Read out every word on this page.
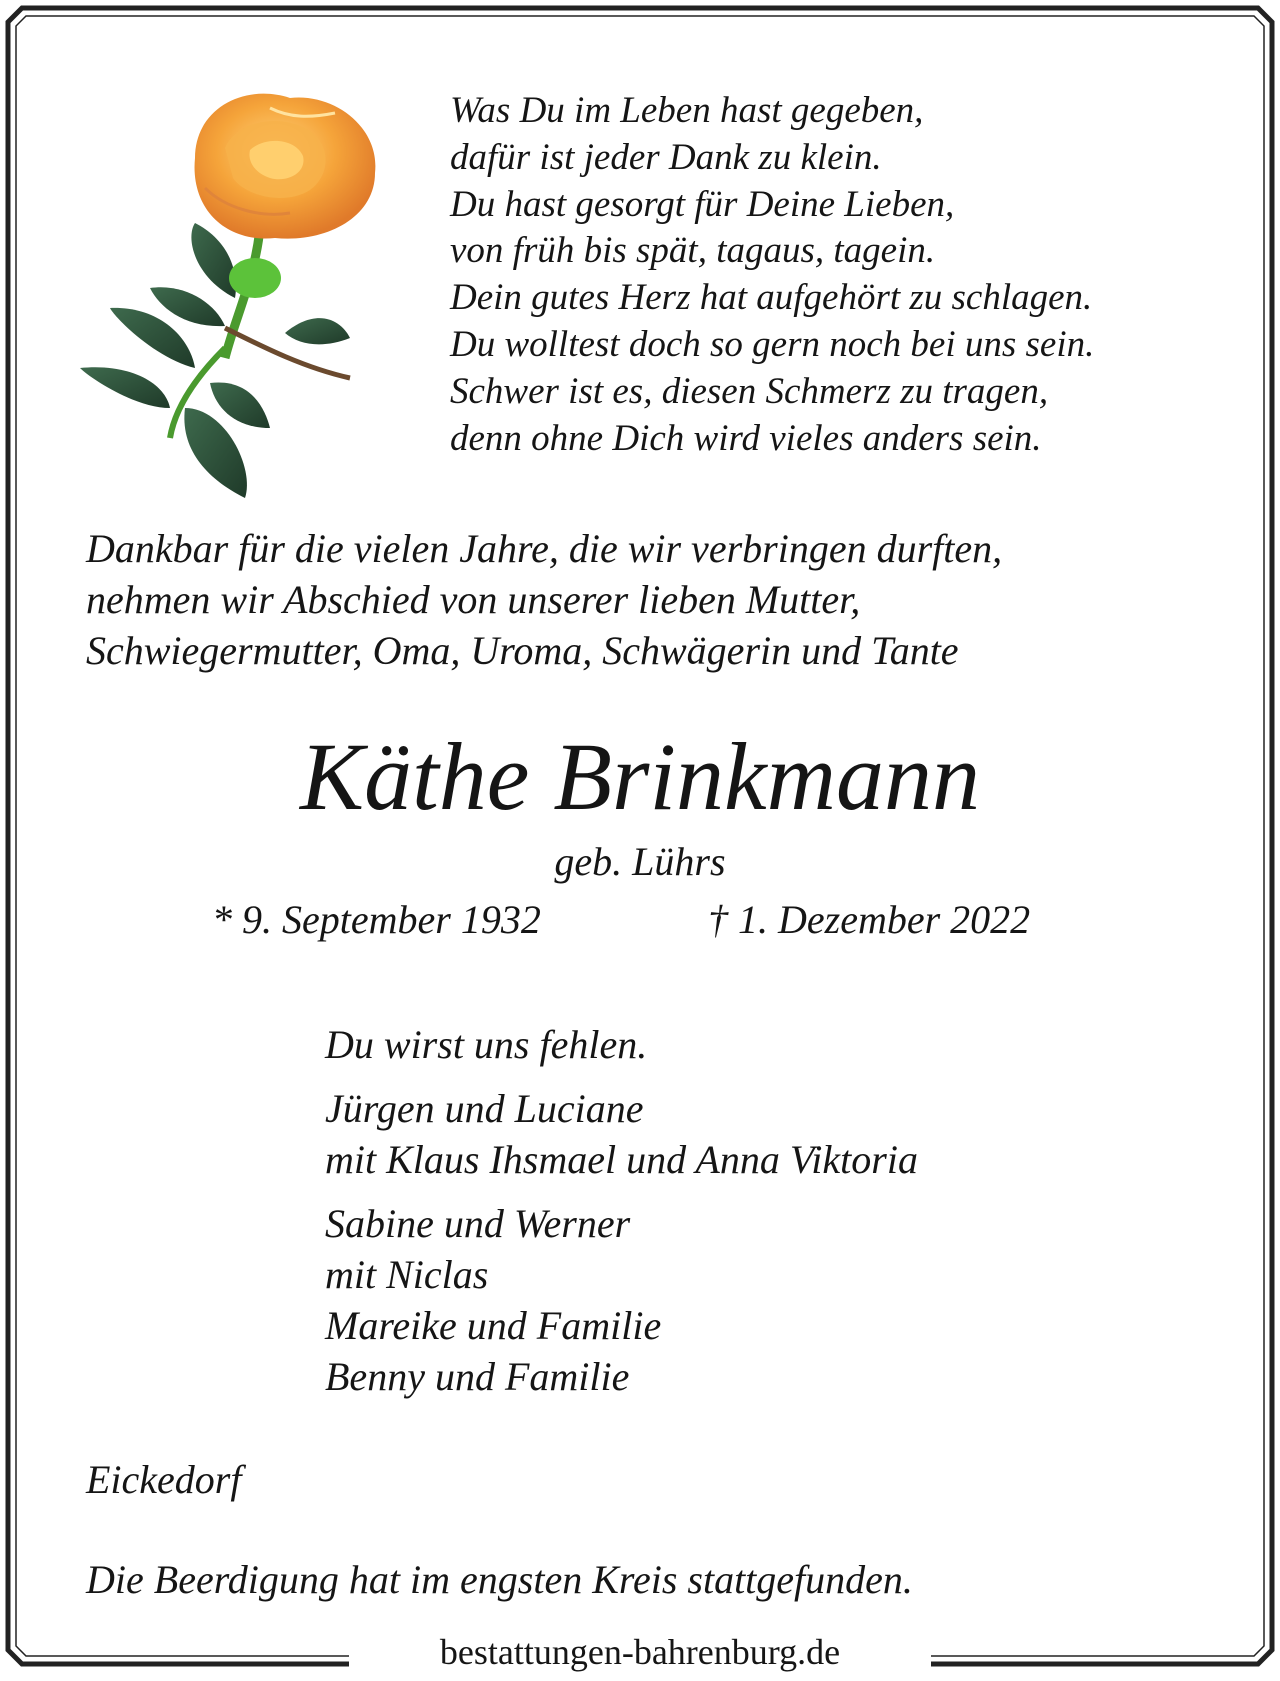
Was Du im Leben hast gegeben,
dafür ist jeder Dank zu klein.
Du hast gesorgt für Deine Lieben,
von früh bis spät, tagaus, tagein.
Dein gutes Herz hat aufgehört zu schlagen.
Du wolltest doch so gern noch bei uns sein.
Schwer ist es, diesen Schmerz zu tragen,
denn ohne Dich wird vieles anders sein.
Dankbar für die vielen Jahre, die wir verbringen durften,
nehmen wir Abschied von unserer lieben Mutter,
Schwiegermutter, Oma, Uroma, Schwägerin und Tante
Käthe Brinkmann
geb. Lührs
* 9. September 1932	† 1. Dezember 2022
Du wirst uns fehlen.
Jürgen und Luciane
mit Klaus Ihsmael und Anna Viktoria
Sabine und Werner
mit Niclas
Mareike und Familie
Benny und Familie
Eickedorf
Die Beerdigung hat im engsten Kreis stattgefunden.
bestattungen-bahrenburg.de
